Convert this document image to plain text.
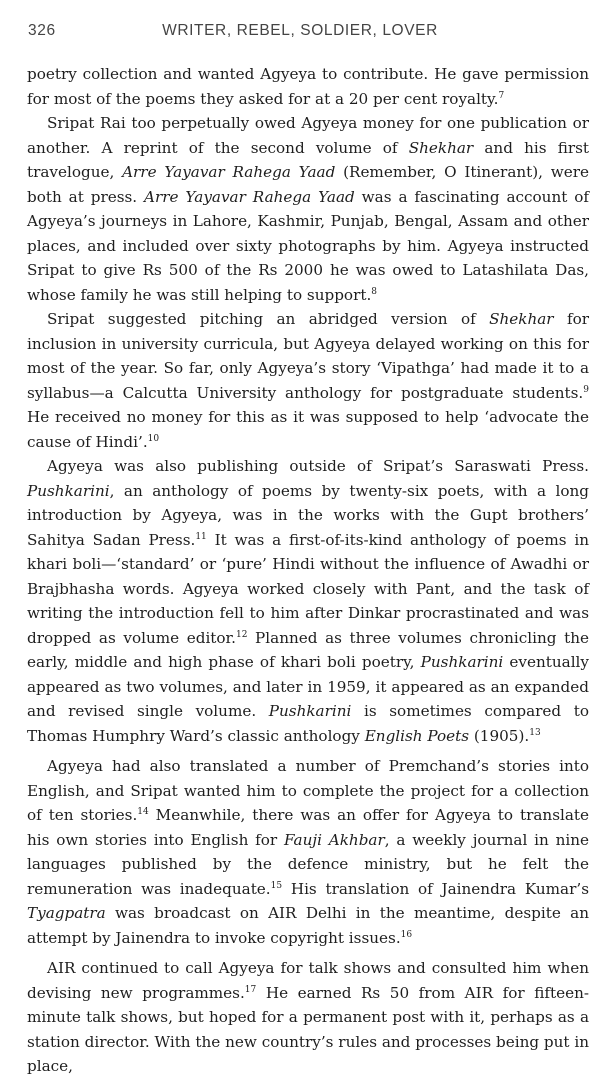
326	WRITER, REBEL, SOLDIER, LOVER

poetry collection and wanted Agyeya to contribute. He gave permission for most of the poems they asked for at a 20 per cent royalty.$^7$

Sripat Rai too perpetually owed Agyeya money for one publication or another. A reprint of the second volume of Shekhar and his first travelogue, Arre Yayavar Rahega Yaad (Remember, O Itinerant), were both at press. Arre Yayavar Rahega Yaad was a fascinating account of Agyeya’s journeys in Lahore, Kashmir, Punjab, Bengal, Assam and other places, and included over sixty photographs by him. Agyeya instructed Sripat to give Rs 500 of the Rs 2000 he was owed to Latashilata Das, whose family he was still helping to support.$^8$

Sripat suggested pitching an abridged version of Shekhar for inclusion in university curricula, but Agyeya delayed working on this for most of the year. So far, only Agyeya’s story ‘Vipathga’ had made it to a syllabus—a Calcutta University anthology for postgraduate students.$^9$ He received no money for this as it was supposed to help ‘advocate the cause of Hindi’.$^{10}$

Agyeya was also publishing outside of Sripat’s Saraswati Press. Pushkarini, an anthology of poems by twenty-six poets, with a long introduction by Agyeya, was in the works with the Gupt brothers’ Sahitya Sadan Press.$^{11}$ It was a first-of-its-kind anthology of poems in khari boli—‘standard’ or ‘pure’ Hindi without the influence of Awadhi or Brajbhasha words. Agyeya worked closely with Pant, and the task of writing the introduction fell to him after Dinkar procrastinated and was dropped as volume editor.$^{12}$ Planned as three volumes chronicling the early, middle and high phase of khari boli poetry, Pushkarini eventually appeared as two volumes, and later in 1959, it appeared as an expanded and revised single volume. Pushkarini is sometimes compared to Thomas Humphry Ward’s classic anthology English Poets (1905).$^{13}$

Agyeya had also translated a number of Premchand’s stories into English, and Sripat wanted him to complete the project for a collection of ten stories.$^{14}$ Meanwhile, there was an offer for Agyeya to translate his own stories into English for Fauji Akhbar, a weekly journal in nine languages published by the defence ministry, but he felt the remuneration was inadequate.$^{15}$ His translation of Jainendra Kumar’s Tyagpatra was broadcast on AIR Delhi in the meantime, despite an attempt by Jainendra to invoke copyright issues.$^{16}$

AIR continued to call Agyeya for talk shows and consulted him when devising new programmes.$^{17}$ He earned Rs 50 from AIR for fifteen-minute talk shows, but hoped for a permanent post with it, perhaps as a station director. With the new country’s rules and processes being put in place,
